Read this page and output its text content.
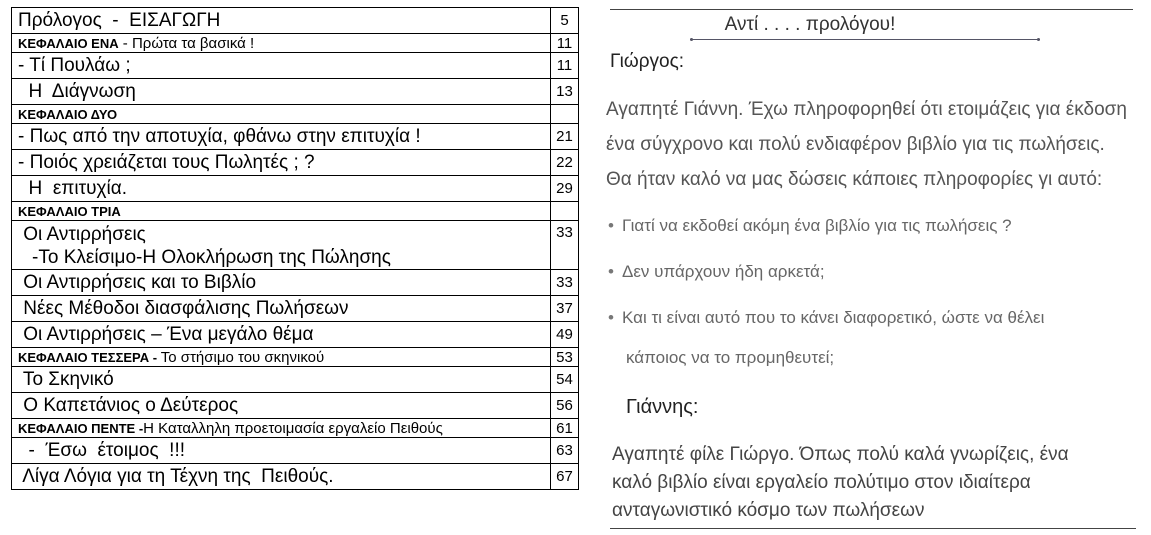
Πρόλογος  -  ΕΙΣΑΓΩΓΗ	5
ΚΕΦΑΛΑΙΟ ΕΝΑ - Πρώτα τα βασικά !	11
- Τί Πουλάω ;	11
Η  Διάγνωση	13
ΚΕΦΑΛΑΙΟ ΔΥΟ	
- Πως από την αποτυχία, φθάνω στην επιτυχία !	21
- Ποιός χρειάζεται τους Πωλητές ; ?	22
Η  επιτυχία.	29
ΚΕΦΑΛΑΙΟ ΤΡΙΑ	
Οι Αντιρρήσεις
-Το Κλείσιμο-Η Ολοκλήρωση της Πώλησης	33
Οι Αντιρρήσεις και το Βιβλίο	33
Νέες Μέθοδοι διασφάλισης Πωλήσεων	37
Οι Αντιρρήσεις – Ένα μεγάλο θέμα	49
ΚΕΦΑΛΑΙΟ ΤΕΣΣΕΡΑ - Το στήσιμο του σκηνικού	53
Το Σκηνικό	54
Ο Καπετάνιος ο Δεύτερος	56
ΚΕΦΑΛΑΙΟ ΠΕΝΤΕ -Η Καταλληλη προετοιμασία εργαλείο Πειθούς	61
-  Έσω  έτοιμος  !!!	63
Λίγα Λόγια για τη Τέχνη της  Πειθούς.	67
Αντί . . . . προλόγου!
Γιώργος:
Αγαπητέ Γιάννη. Έχω πληροφορηθεί ότι ετοιμάζεις για έκδοση
ένα σύγχρονο και πολύ ενδιαφέρον βιβλίο για τις πωλήσεις.
Θα ήταν καλό να μας δώσεις κάποιες πληροφορίες γι αυτό:
• Γιατί να εκδοθεί ακόμη ένα βιβλίο για τις πωλήσεις ?
• Δεν υπάρχουν ήδη αρκετά;
• Και τι είναι αυτό που το κάνει διαφορετικό, ώστε να θέλει
κάποιος να το προμηθευτεί;
Γιάννης:
Αγαπητέ φίλε Γιώργο. Όπως πολύ καλά γνωρίζεις, ένα
καλό βιβλίο είναι εργαλείο πολύτιμο στον ιδιαίτερα
ανταγωνιστικό κόσμο των πωλήσεων
